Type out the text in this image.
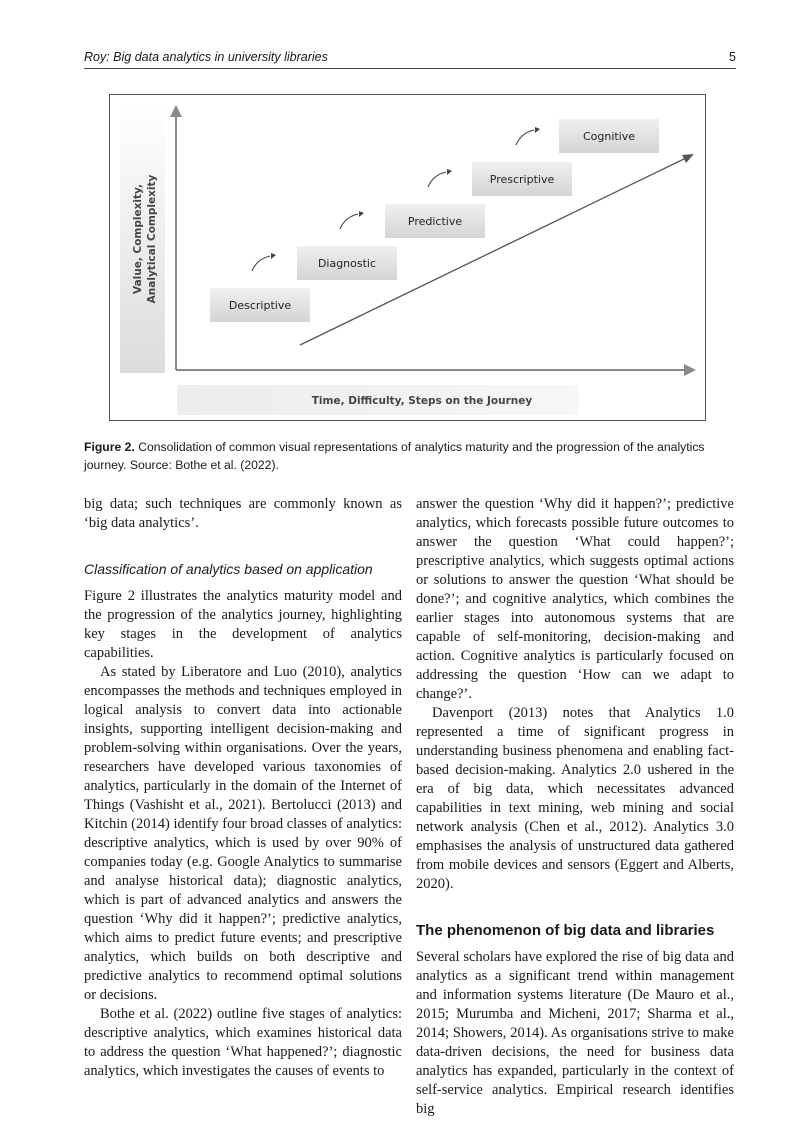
Roy: Big data analytics in university libraries	5
Value, Complexity, Analytical Complexity
Time, Difficulty, Steps on the Journey
Descriptive
Diagnostic
Predictive
Prescriptive
Cognitive
Figure 2. Consolidation of common visual representations of analytics maturity and the progression of the analytics journey. Source: Bothe et al. (2022).

big data; such techniques are commonly known as ‘big data analytics’.

Classification of analytics based on application

Figure 2 illustrates the analytics maturity model and the progression of the analytics journey, highlighting key stages in the development of analytics capabilities.

As stated by Liberatore and Luo (2010), analytics encompasses the methods and techniques employed in logical analysis to convert data into actionable insights, supporting intelligent decision-making and problem-solving within organisations. Over the years, researchers have developed various taxonomies of analytics, particularly in the domain of the Internet of Things (Vashisht et al., 2021). Bertolucci (2013) and Kitchin (2014) identify four broad classes of analytics: descriptive analytics, which is used by over 90% of companies today (e.g. Google Analytics to summarise and analyse historical data); diagnostic analytics, which is part of advanced analytics and answers the question ‘Why did it happen?’; predictive analytics, which aims to predict future events; and prescriptive analytics, which builds on both descriptive and predictive analytics to recommend optimal solutions or decisions.

Bothe et al. (2022) outline five stages of analytics: descriptive analytics, which examines historical data to address the question ‘What happened?’; diagnostic analytics, which investigates the causes of events to

answer the question ‘Why did it happen?’; predictive analytics, which forecasts possible future outcomes to answer the question ‘What could happen?’; prescriptive analytics, which suggests optimal actions or solutions to answer the question ‘What should be done?’; and cognitive analytics, which combines the earlier stages into autonomous systems that are capable of self-monitoring, decision-making and action. Cognitive analytics is particularly focused on addressing the question ‘How can we adapt to change?’.

Davenport (2013) notes that Analytics 1.0 represented a time of significant progress in understanding business phenomena and enabling fact-based decision-making. Analytics 2.0 ushered in the era of big data, which necessitates advanced capabilities in text mining, web mining and social network analysis (Chen et al., 2012). Analytics 3.0 emphasises the analysis of unstructured data gathered from mobile devices and sensors (Eggert and Alberts, 2020).

The phenomenon of big data and libraries

Several scholars have explored the rise of big data and analytics as a significant trend within management and information systems literature (De Mauro et al., 2015; Murumba and Micheni, 2017; Sharma et al., 2014; Showers, 2014). As organisations strive to make data-driven decisions, the need for business data analytics has expanded, particularly in the context of self-service analytics. Empirical research identifies big
